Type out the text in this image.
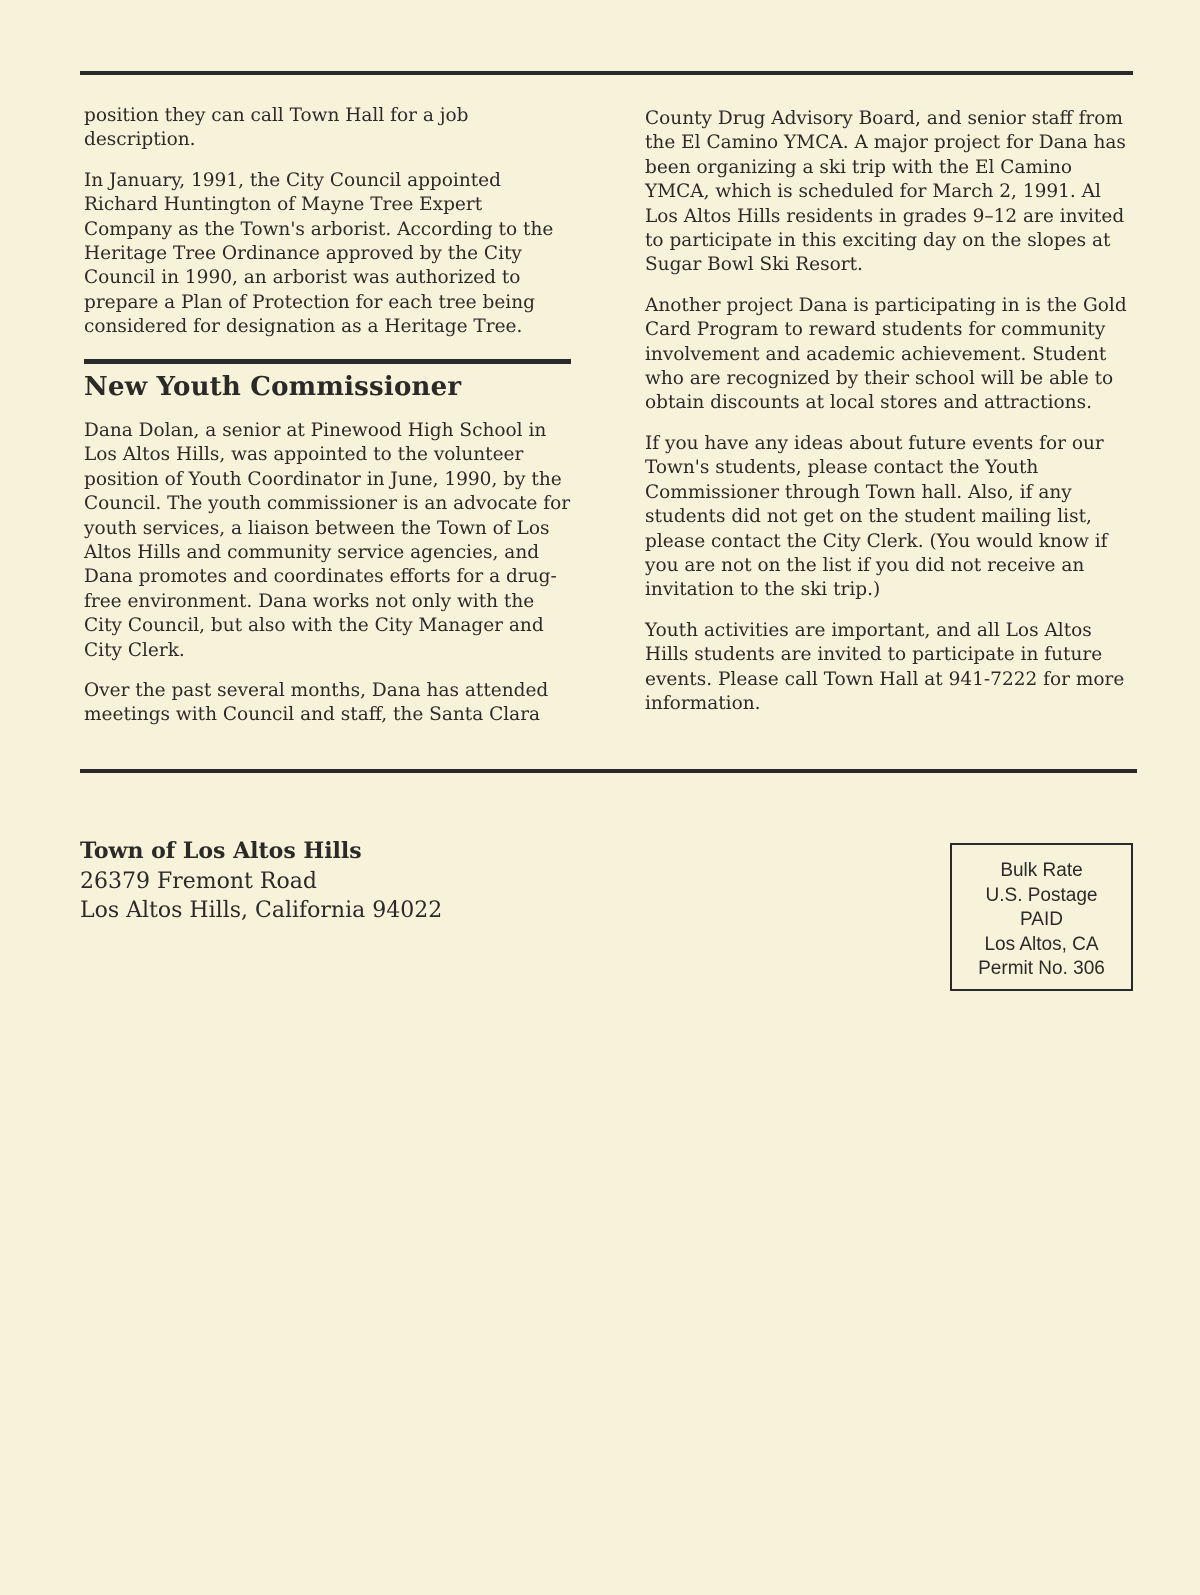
position they can call Town Hall for a job description.

In January, 1991, the City Council appointed Richard Huntington of Mayne Tree Expert Company as the Town's arborist. According to the Heritage Tree Ordinance approved by the City Council in 1990, an arborist was authorized to prepare a Plan of Protection for each tree being considered for designation as a Heritage Tree.

New Youth Commissioner

Dana Dolan, a senior at Pinewood High School in Los Altos Hills, was appointed to the volunteer position of Youth Coordinator in June, 1990, by the Council. The youth commissioner is an advocate for youth services, a liaison between the Town of Los Altos Hills and community service agencies, and Dana promotes and coordinates efforts for a drug-free environment. Dana works not only with the City Council, but also with the City Manager and City Clerk.

Over the past several months, Dana has attended meetings with Council and staff, the Santa Clara

County Drug Advisory Board, and senior staff from the El Camino YMCA. A major project for Dana has been organizing a ski trip with the El Camino YMCA, which is scheduled for March 2, 1991. Al Los Altos Hills residents in grades 9–12 are invited to participate in this exciting day on the slopes at Sugar Bowl Ski Resort.

Another project Dana is participating in is the Gold Card Program to reward students for community involvement and academic achievement. Student who are recognized by their school will be able to obtain discounts at local stores and attractions.

If you have any ideas about future events for our Town's students, please contact the Youth Commissioner through Town hall. Also, if any students did not get on the student mailing list, please contact the City Clerk. (You would know if you are not on the list if you did not receive an invitation to the ski trip.)

Youth activities are important, and all Los Altos Hills students are invited to participate in future events. Please call Town Hall at 941-7222 for more information.

Town of Los Altos Hills
26379 Fremont Road
Los Altos Hills, California 94022
Bulk Rate
U.S. Postage
PAID
Los Altos, CA
Permit No. 306
